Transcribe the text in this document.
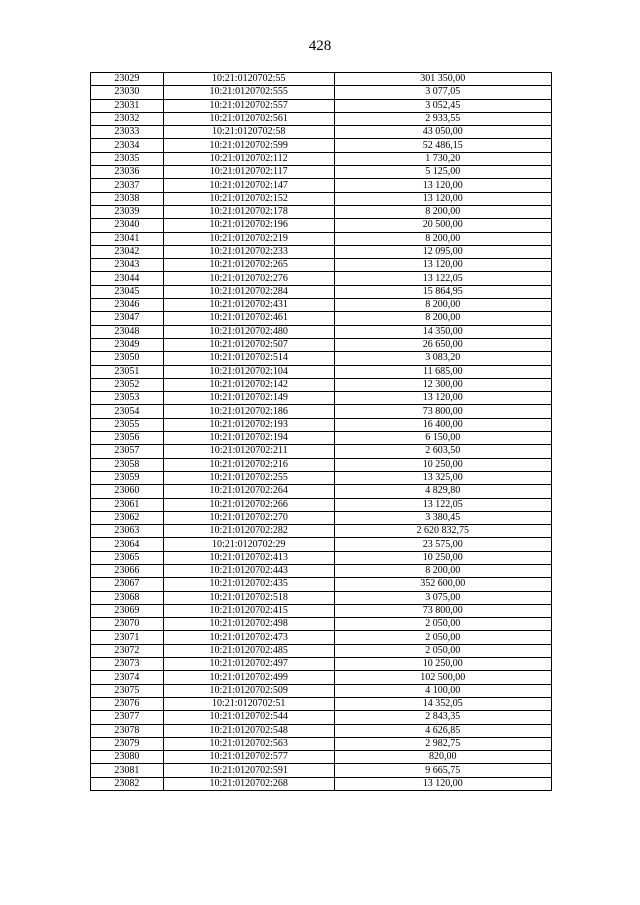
428
23029	10:21:0120702:55	301 350,00
23030	10:21:0120702:555	3 077,05
23031	10:21:0120702:557	3 052,45
23032	10:21:0120702:561	2 933,55
23033	10:21:0120702:58	43 050,00
23034	10:21:0120702:599	52 486,15
23035	10:21:0120702:112	1 730,20
23036	10:21:0120702:117	5 125,00
23037	10:21:0120702:147	13 120,00
23038	10:21:0120702:152	13 120,00
23039	10:21:0120702:178	8 200,00
23040	10:21:0120702:196	20 500,00
23041	10:21:0120702:219	8 200,00
23042	10:21:0120702:233	12 095,00
23043	10:21:0120702:265	13 120,00
23044	10:21:0120702:276	13 122,05
23045	10:21:0120702:284	15 864,95
23046	10:21:0120702:431	8 200,00
23047	10:21:0120702:461	8 200,00
23048	10:21:0120702:480	14 350,00
23049	10:21:0120702:507	26 650,00
23050	10:21:0120702:514	3 083,20
23051	10:21:0120702:104	11 685,00
23052	10:21:0120702:142	12 300,00
23053	10:21:0120702:149	13 120,00
23054	10:21:0120702:186	73 800,00
23055	10:21:0120702:193	16 400,00
23056	10:21:0120702:194	6 150,00
23057	10:21:0120702:211	2 603,50
23058	10:21:0120702:216	10 250,00
23059	10:21:0120702:255	13 325,00
23060	10:21:0120702:264	4 829,80
23061	10:21:0120702:266	13 122,05
23062	10:21:0120702:270	3 380,45
23063	10:21:0120702:282	2 620 832,75
23064	10:21:0120702:29	23 575,00
23065	10:21:0120702:413	10 250,00
23066	10:21:0120702:443	8 200,00
23067	10:21:0120702:435	352 600,00
23068	10:21:0120702:518	3 075,00
23069	10:21:0120702:415	73 800,00
23070	10:21:0120702:498	2 050,00
23071	10:21:0120702:473	2 050,00
23072	10:21:0120702:485	2 050,00
23073	10:21:0120702:497	10 250,00
23074	10:21:0120702:499	102 500,00
23075	10:21:0120702:509	4 100,00
23076	10:21:0120702:51	14 352,05
23077	10:21:0120702:544	2 843,35
23078	10:21:0120702:548	4 626,85
23079	10:21:0120702:563	2 982,75
23080	10:21:0120702:577	820,00
23081	10:21:0120702:591	9 665,75
23082	10:21:0120702:268	13 120,00
